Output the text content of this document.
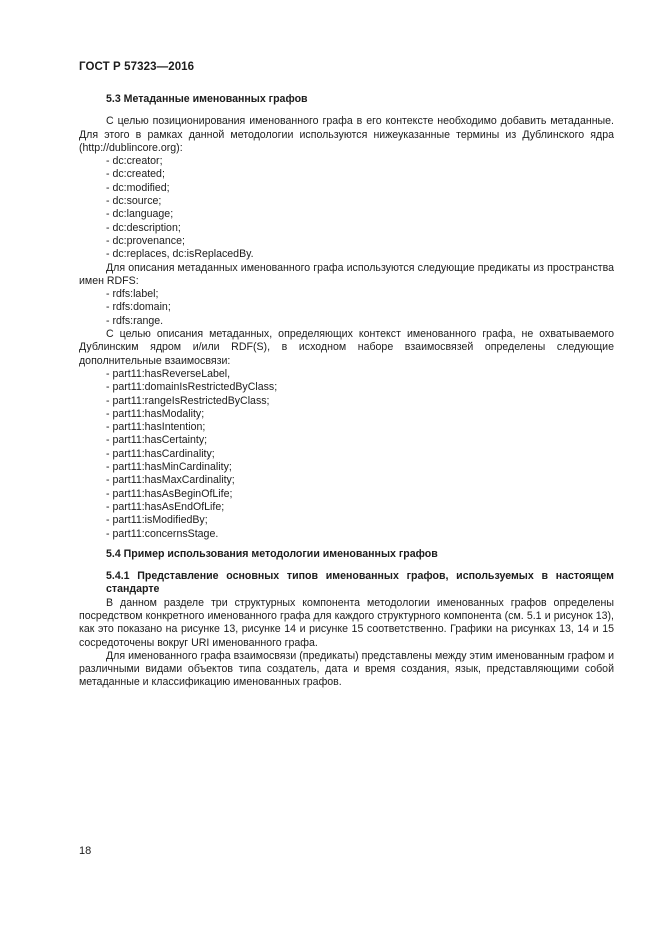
ГОСТ Р 57323—2016
5.3 Метаданные именованных графов

С целью позиционирования именованного графа в его контексте необходимо добавить метаданные. Для этого в рамках данной методологии используются нижеуказанные термины из Дублинского ядра (http://dublincore.org):

- dc:creator;
- dc:created;
- dc:modified;
- dc:source;
- dc:language;
- dc:description;
- dc:provenance;
- dc:replaces, dc:isReplacedBy.

Для описания метаданных именованного графа используются следующие предикаты из пространства имен RDFS:

- rdfs:label;
- rdfs:domain;
- rdfs:range.

С целью описания метаданных, определяющих контекст именованного графа, не охватываемого Дублинским ядром и/или RDF(S), в исходном наборе взаимосвязей определены следующие дополнительные взаимосвязи:

- part11:hasReverseLabel,
- part11:domainIsRestrictedByClass;
- part11:rangeIsRestrictedByClass;
- part11:hasModality;
- part11:hasIntention;
- part11:hasCertainty;
- part11:hasCardinality;
- part11:hasMinCardinality;
- part11:hasMaxCardinality;
- part11:hasAsBeginOfLife;
- part11:hasAsEndOfLife;
- part11:isModifiedBy;
- part11:concernsStage.
5.4 Пример использования методологии именованных графов
5.4.1 Представление основных типов именованных графов, используемых в настоящем стандарте

В данном разделе три структурных компонента методологии именованных графов определены посредством конкретного именованного графа для каждого структурного компонента (см. 5.1 и рисунок 13), как это показано на рисунке 13, рисунке 14 и рисунке 15 соответственно. Графики на рисунках 13, 14 и 15 сосредоточены вокруг URI именованного графа.

Для именованного графа взаимосвязи (предикаты) представлены между этим именованным графом и различными видами объектов типа создатель, дата и время создания, язык, представляющими собой метаданные и классификацию именованных графов.

18
